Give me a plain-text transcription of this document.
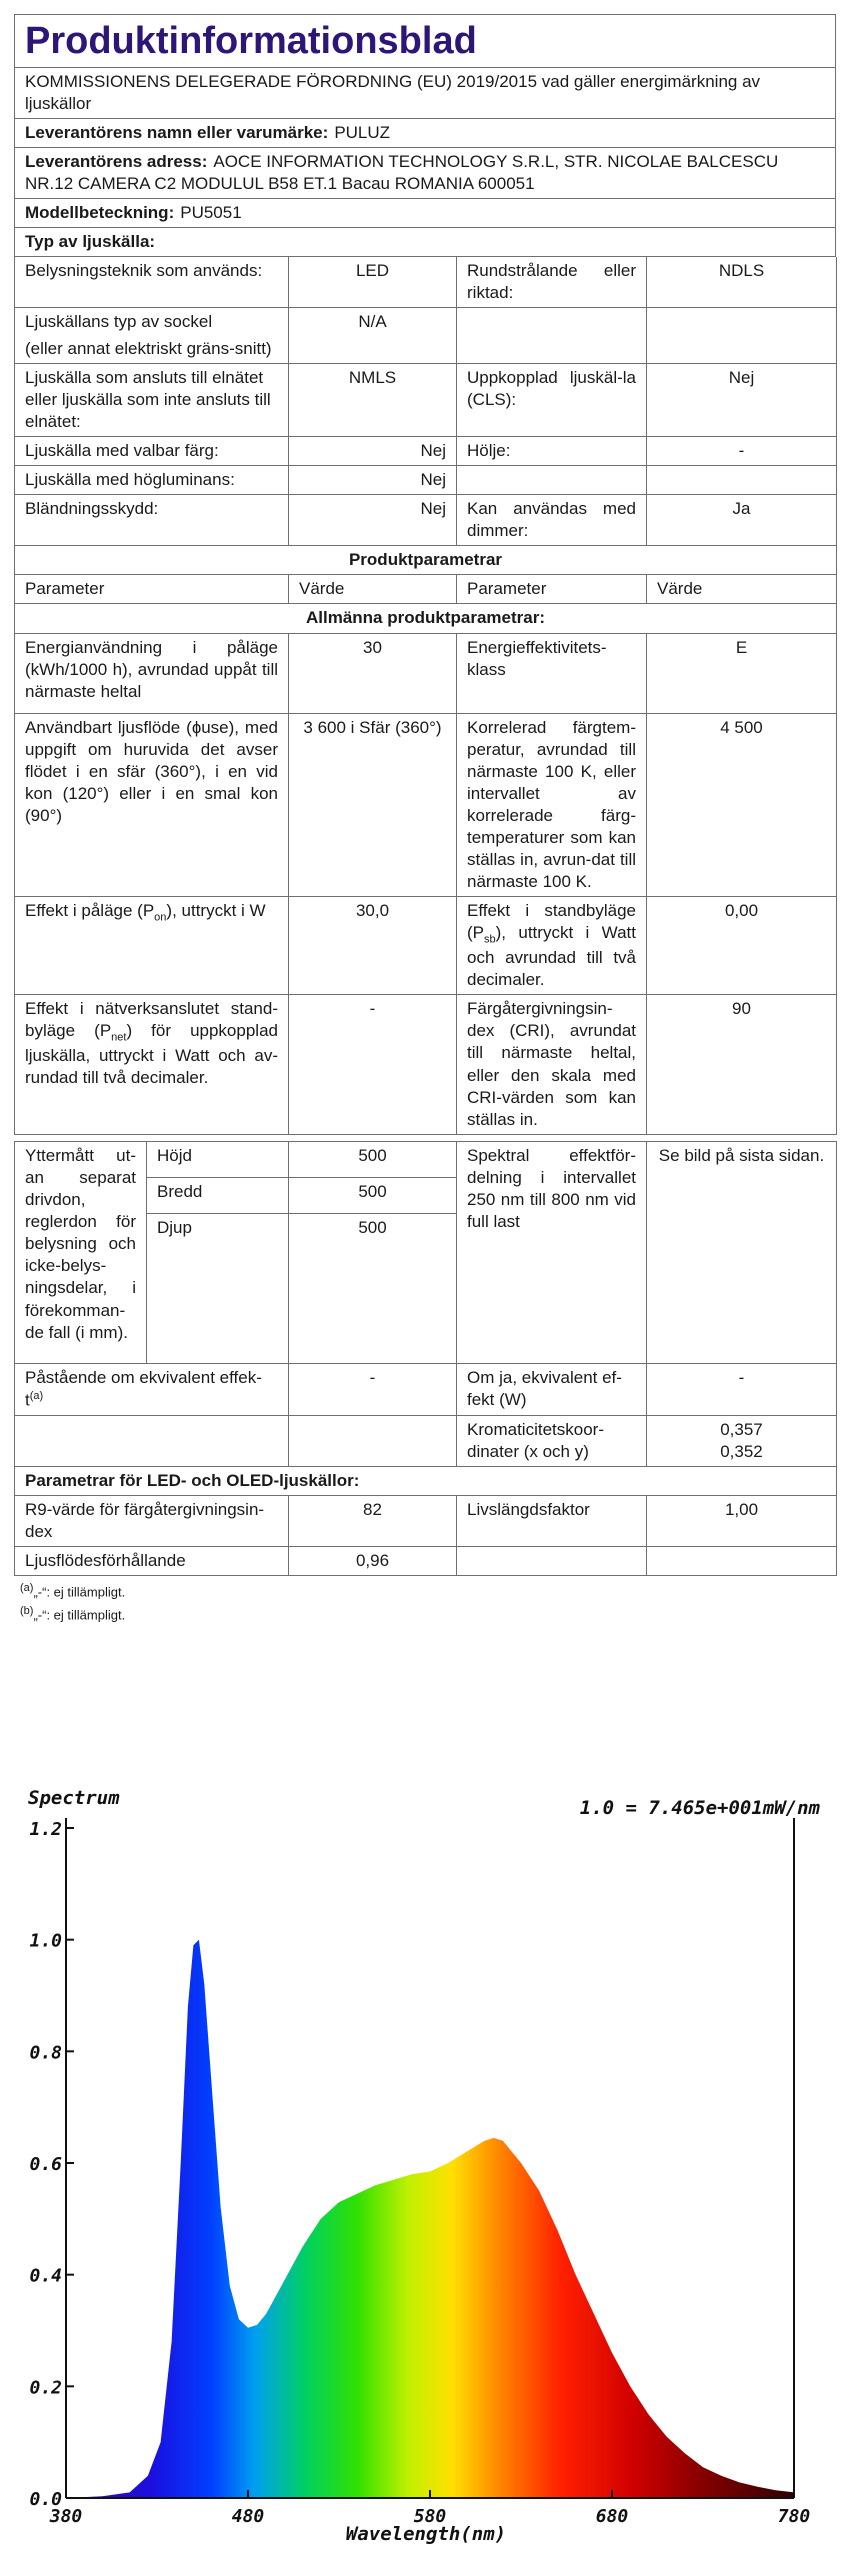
Produktinformationsblad
KOMMISSIONENS DELEGERADE FÖRORDNING (EU) 2019/2015 vad gäller energimärkning av ljuskällor
Leverantörens namn eller varumärke: PULUZ
Leverantörens adress: AOCE INFORMATION TECHNOLOGY S.R.L, STR. NICOLAE BALCESCU NR.12 CAMERA C2 MODULUL B58 ET.1 Bacau ROMANIA 600051
Modellbeteckning: PU5051
Typ av ljuskälla:
Belysningsteknik som används:	LED	Rundstrålande eller riktad:	NDLS

Ljuskällans typ av sockel
(eller annat elektriskt gräns-snitt)	N/A		
Ljuskälla som ansluts till elnätet eller ljuskälla som inte ansluts till elnätet:	NMLS	Uppkopplad ljuskäl-la (CLS):	Nej
Ljuskälla med valbar färg:	Nej	Hölje:	-
Ljuskälla med högluminans:	Nej		
Bländningsskydd:	Nej	Kan användas med dimmer:	Ja
Produktparametrar			
Parameter	Värde	Parameter	Värde
Allmänna produktparametrar:			
Energianvändning i påläge (kWh/1000 h), avrundad uppåt till närmaste heltal	30	Energieffektivitets-klass	E
Användbart ljusflöde (ɸuse), med uppgift om huruvida det avser flödet i en sfär (360°), i en vid kon (120°) eller i en smal kon (90°)	3 600 i Sfär (360°)	Korrelerad färgtem-peratur, avrundad till närmaste 100 K, eller intervallet av korrelerade färg-temperaturer som kan ställas in, avrun-dat till närmaste 100 K.	4 500
Effekt i påläge $(P_{on})$, uttryckt i W	30,0	Effekt i standbyläge $(P_{sb})$, uttryckt i Watt och avrundad till två decimaler.	0,00
Effekt i nätverksanslutet stand-byläge $(P_{net})$ för uppkopplad ljuskälla, uttryckt i Watt och av-rundad till två decimaler.	-	Färgåtergivningsin-dex (CRI), avrundat till närmaste heltal, eller den skala med CRI-värden som kan ställas in.	90
Yttermått ut-an separat drivdon, reglerdon för belysning och icke-belys-ningsdelar, i förekomman-de fall (i mm).	Höjd	500	Spektral effektför-delning i intervallet 250 nm till 800 nm vid full last	Se bild på sista sidan.
	Bredd	500		
	Djup	500		
Påstående om ekvivalent effek-$t^{(a)}$		-	Om ja, ekvivalent ef-fekt (W)	-
			Kromaticitetskoor-dinater (x och y)	0,357
0,352

Parametrar för LED- och OLED-ljuskällor:				
R9-värde för färgåtergivningsin-dex		82	Livslängdsfaktor	1,00
Ljusflödesförhållande		0,96		
$^{(a)}$„-“: ej tillämpligt.
$^{(b)}$„-“: ej tillämpligt.
Spectrum	1.0 = 7.465e+001mW/nm
0.0
0.2
0.4
0.6
0.8
1.0
1.2
380	480	580	680	780
Wavelength(nm)
